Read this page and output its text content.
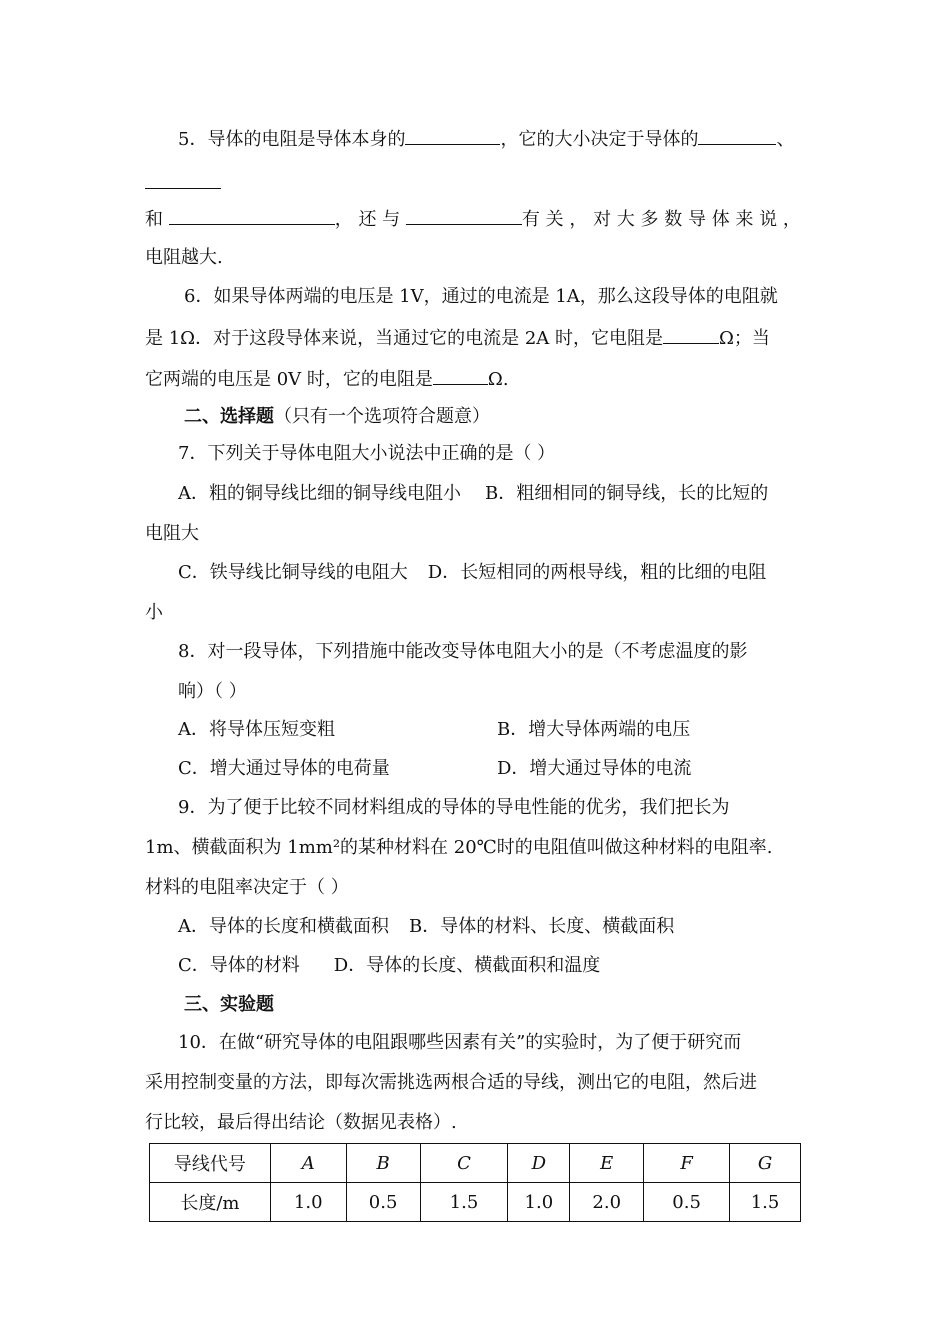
5．导体的电阻是导体本身的	，它的大小决定于导体的	、
和	， 还 与	有 关 ， 对 大 多 数 导 体 来 说 ，
电阻越大.
6．如果导体两端的电压是 1V，通过的电流是 1A，那么这段导体的电阻就
是 1Ω．对于这段导体来说，当通过它的电流是 2A 时，它电阻是	Ω；当
它两端的电压是 0V 时，它的电阻是	Ω.
二、选择题（只有一个选项符合题意）
7．下列关于导体电阻大小说法中正确的是（ ）
A．粗的铜导线比细的铜导线电阻小 B．粗细相同的铜导线，长的比短的
电阻大
C．铁导线比铜导线的电阻大 D．长短相同的两根导线，粗的比细的电阻
小
8．对一段导体，下列措施中能改变导体电阻大小的是（不考虑温度的影
响）（ ）
A．将导体压短变粗	B．增大导体两端的电压
C．增大通过导体的电荷量	D．增大通过导体的电流
9．为了便于比较不同材料组成的导体的导电性能的优劣，我们把长为
1m、横截面积为 1mm²的某种材料在 20℃时的电阻值叫做这种材料的电阻率.
材料的电阻率决定于（ ）
A．导体的长度和横截面积 B．导体的材料、长度、横截面积
C．导体的材料 D．导体的长度、横截面积和温度
三、实验题
10．在做“研究导体的电阻跟哪些因素有关”的实验时，为了便于研究而
采用控制变量的方法，即每次需挑选两根合适的导线，测出它的电阻，然后进
行比较，最后得出结论（数据见表格）.
导线代号	A	B	C	D	E	F	G
长度/m	1.0	0.5	1.5	1.0	2.0	0.5	1.5
